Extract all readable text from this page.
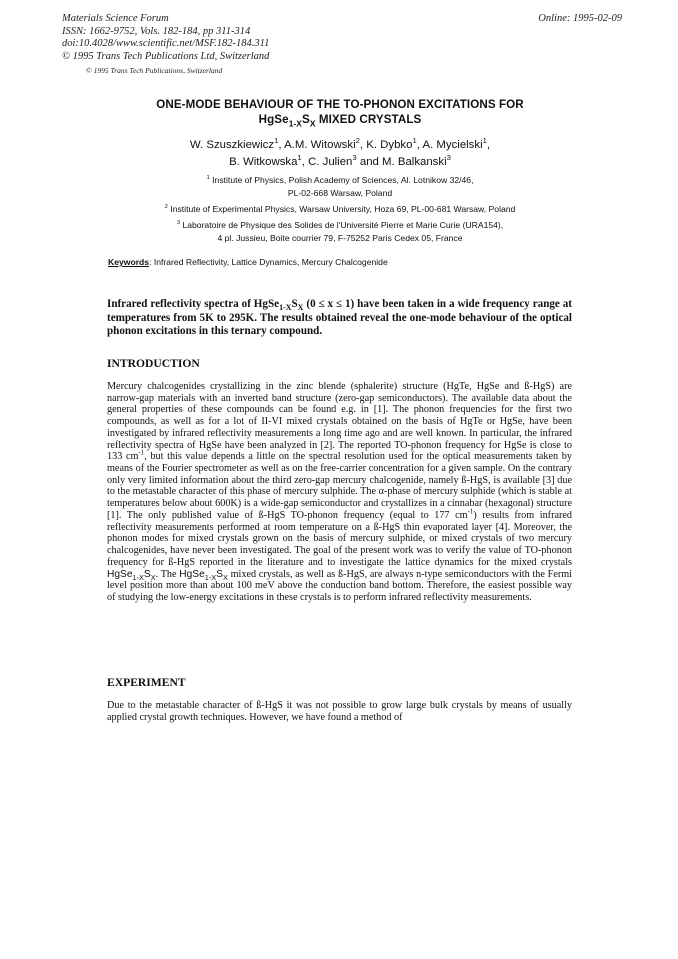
Materials Science Forum
ISSN: 1662-9752, Vols. 182-184, pp 311-314
doi:10.4028/www.scientific.net/MSF.182-184.311
© 1995 Trans Tech Publications Ltd, Switzerland
Online: 1995-02-09
© 1995 Trans Tech Publications, Switzerland
ONE-MODE BEHAVIOUR OF THE TO-PHONON EXCITATIONS FOR
$HgSe_{1-X}S_X$ MIXED CRYSTALS
W. Szuszkiewicz$^1$, A.M. Witowski$^2$, K. Dybko$^1$, A. Mycielski$^1$,
B. Witkowska$^1$, C. Julien$^3$ and M. Balkanski$^3$
$^1$ Institute of Physics, Polish Academy of Sciences, Al. Lotnikow 32/46,
PL-02-668 Warsaw, Poland
$^2$ Institute of Experimental Physics, Warsaw University, Hoza 69, PL-00-681 Warsaw, Poland
$^3$ Laboratoire de Physique des Solides de l'Université Pierre et Marie Curie (URA154),
4 pl. Jussieu, Boite courrier 79, F-75252 Paris Cedex 05, France
Keywords: Infrared Reflectivity, Lattice Dynamics, Mercury Chalcogenide
Infrared reflectivity spectra of $HgSe_{1-X}S_X$ (0 ≤ x ≤ 1) have been taken in a wide frequency range at temperatures from 5K to 295K. The results obtained reveal the one-mode behaviour of the optical phonon excitations in this ternary compound.
INTRODUCTION
Mercury chalcogenides crystallizing in the zinc blende (sphalerite) structure (HgTe, HgSe and ß-HgS) are narrow-gap materials with an inverted band structure (zero-gap semiconductors). The available data about the general properties of these compounds can be found e.g. in [1]. The phonon frequencies for the first two compounds, as well as for a lot of II-VI mixed crystals obtained on the basis of HgTe or HgSe, have been investigated by infrared reflectivity measurements a long time ago and are well known. In particular, the infrared reflectivity spectra of HgSe have been analyzed in [2]. The reported TO-phonon frequency for HgSe is close to 133 $cm^{-1}$, but this value depends a little on the spectral resolution used for the optical measurements taken by means of the Fourier spectrometer as well as on the free-carrier concentration for a given sample. On the contrary only very limited information about the third zero-gap mercury chalcogenide, namely ß-HgS, is available [3] due to the metastable character of this phase of mercury sulphide. The α-phase of mercury sulphide (which is stable at temperatures below about 600K) is a wide-gap semiconductor and crystallizes in a cinnabar (hexagonal) structure [1]. The only published value of ß-HgS TO-phonon frequency (equal to 177 $cm^{-1}$) results from infrared reflectivity measurements performed at room temperature on a ß-HgS thin evaporated layer [4]. Moreover, the phonon modes for mixed crystals grown on the basis of mercury sulphide, or mixed crystals of two mercury chalcogenides, have never been investigated. The goal of the present work was to verify the value of TO-phonon frequency for ß-HgS reported in the literature and to investigate the lattice dynamics for the mixed crystals $HgSe_{1-X}S_X$. The $HgSe_{1-X}S_X$ mixed crystals, as well as ß-HgS, are always n-type semiconductors with the Fermi level position more than about 100 meV above the conduction band bottom. Therefore, the easiest possible way of studying the low-energy excitations in these crystals is to perform infrared reflectivity measurements.
EXPERIMENT
Due to the metastable character of ß-HgS it was not possible to grow large bulk crystals by means of usually applied crystal growth techniques. However, we have found a method of
